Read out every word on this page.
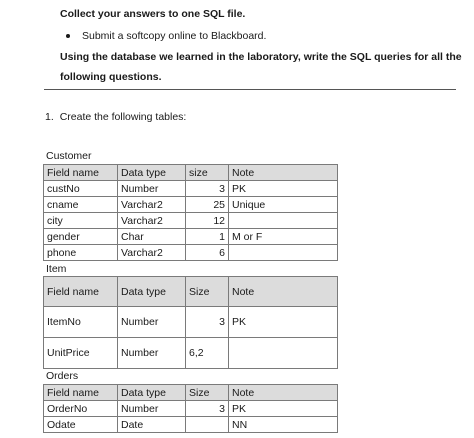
Collect your answers to one SQL file.
Submit a softcopy online to Blackboard.
Using the database we learned in the laboratory, write the SQL queries for all the
following questions.
1. Create the following tables:
Customer
Field name	Data type	size	Note
custNo	Number	3	PK
cname	Varchar2	25	Unique
city	Varchar2	12	
gender	Char	1	M or F
phone	Varchar2	6	
Item
Field name	Data type	Size	Note
ItemNo	Number	3	PK
UnitPrice	Number	6,2	
Orders
Field name	Data type	Size	Note
OrderNo	Number	3	PK
Odate	Date		NN
